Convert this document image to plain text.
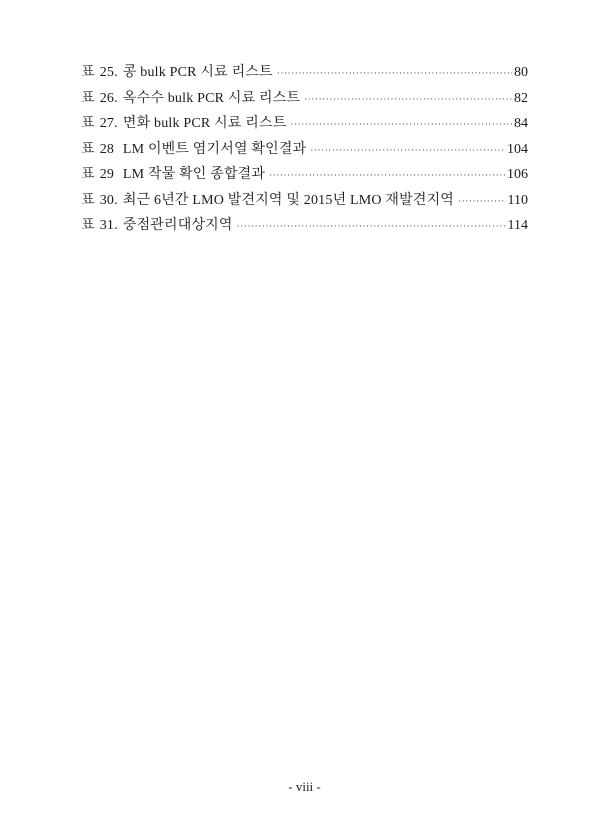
표 25. 콩 bulk PCR 시료 리스트 ·····	80
표 26. 옥수수 bulk PCR 시료 리스트 ·····	82
표 27. 면화 bulk PCR 시료 리스트 ·····	84
표 28 LM 이벤트 염기서열 확인결과 ·····	104
표 29 LM 작물 확인 종합결과 ·····	106
표 30. 최근 6년간 LMO 발견지역 및 2015년 LMO 재발견지역 ·····	110
표 31. 중점관리대상지역 ·····	114
- viii -
